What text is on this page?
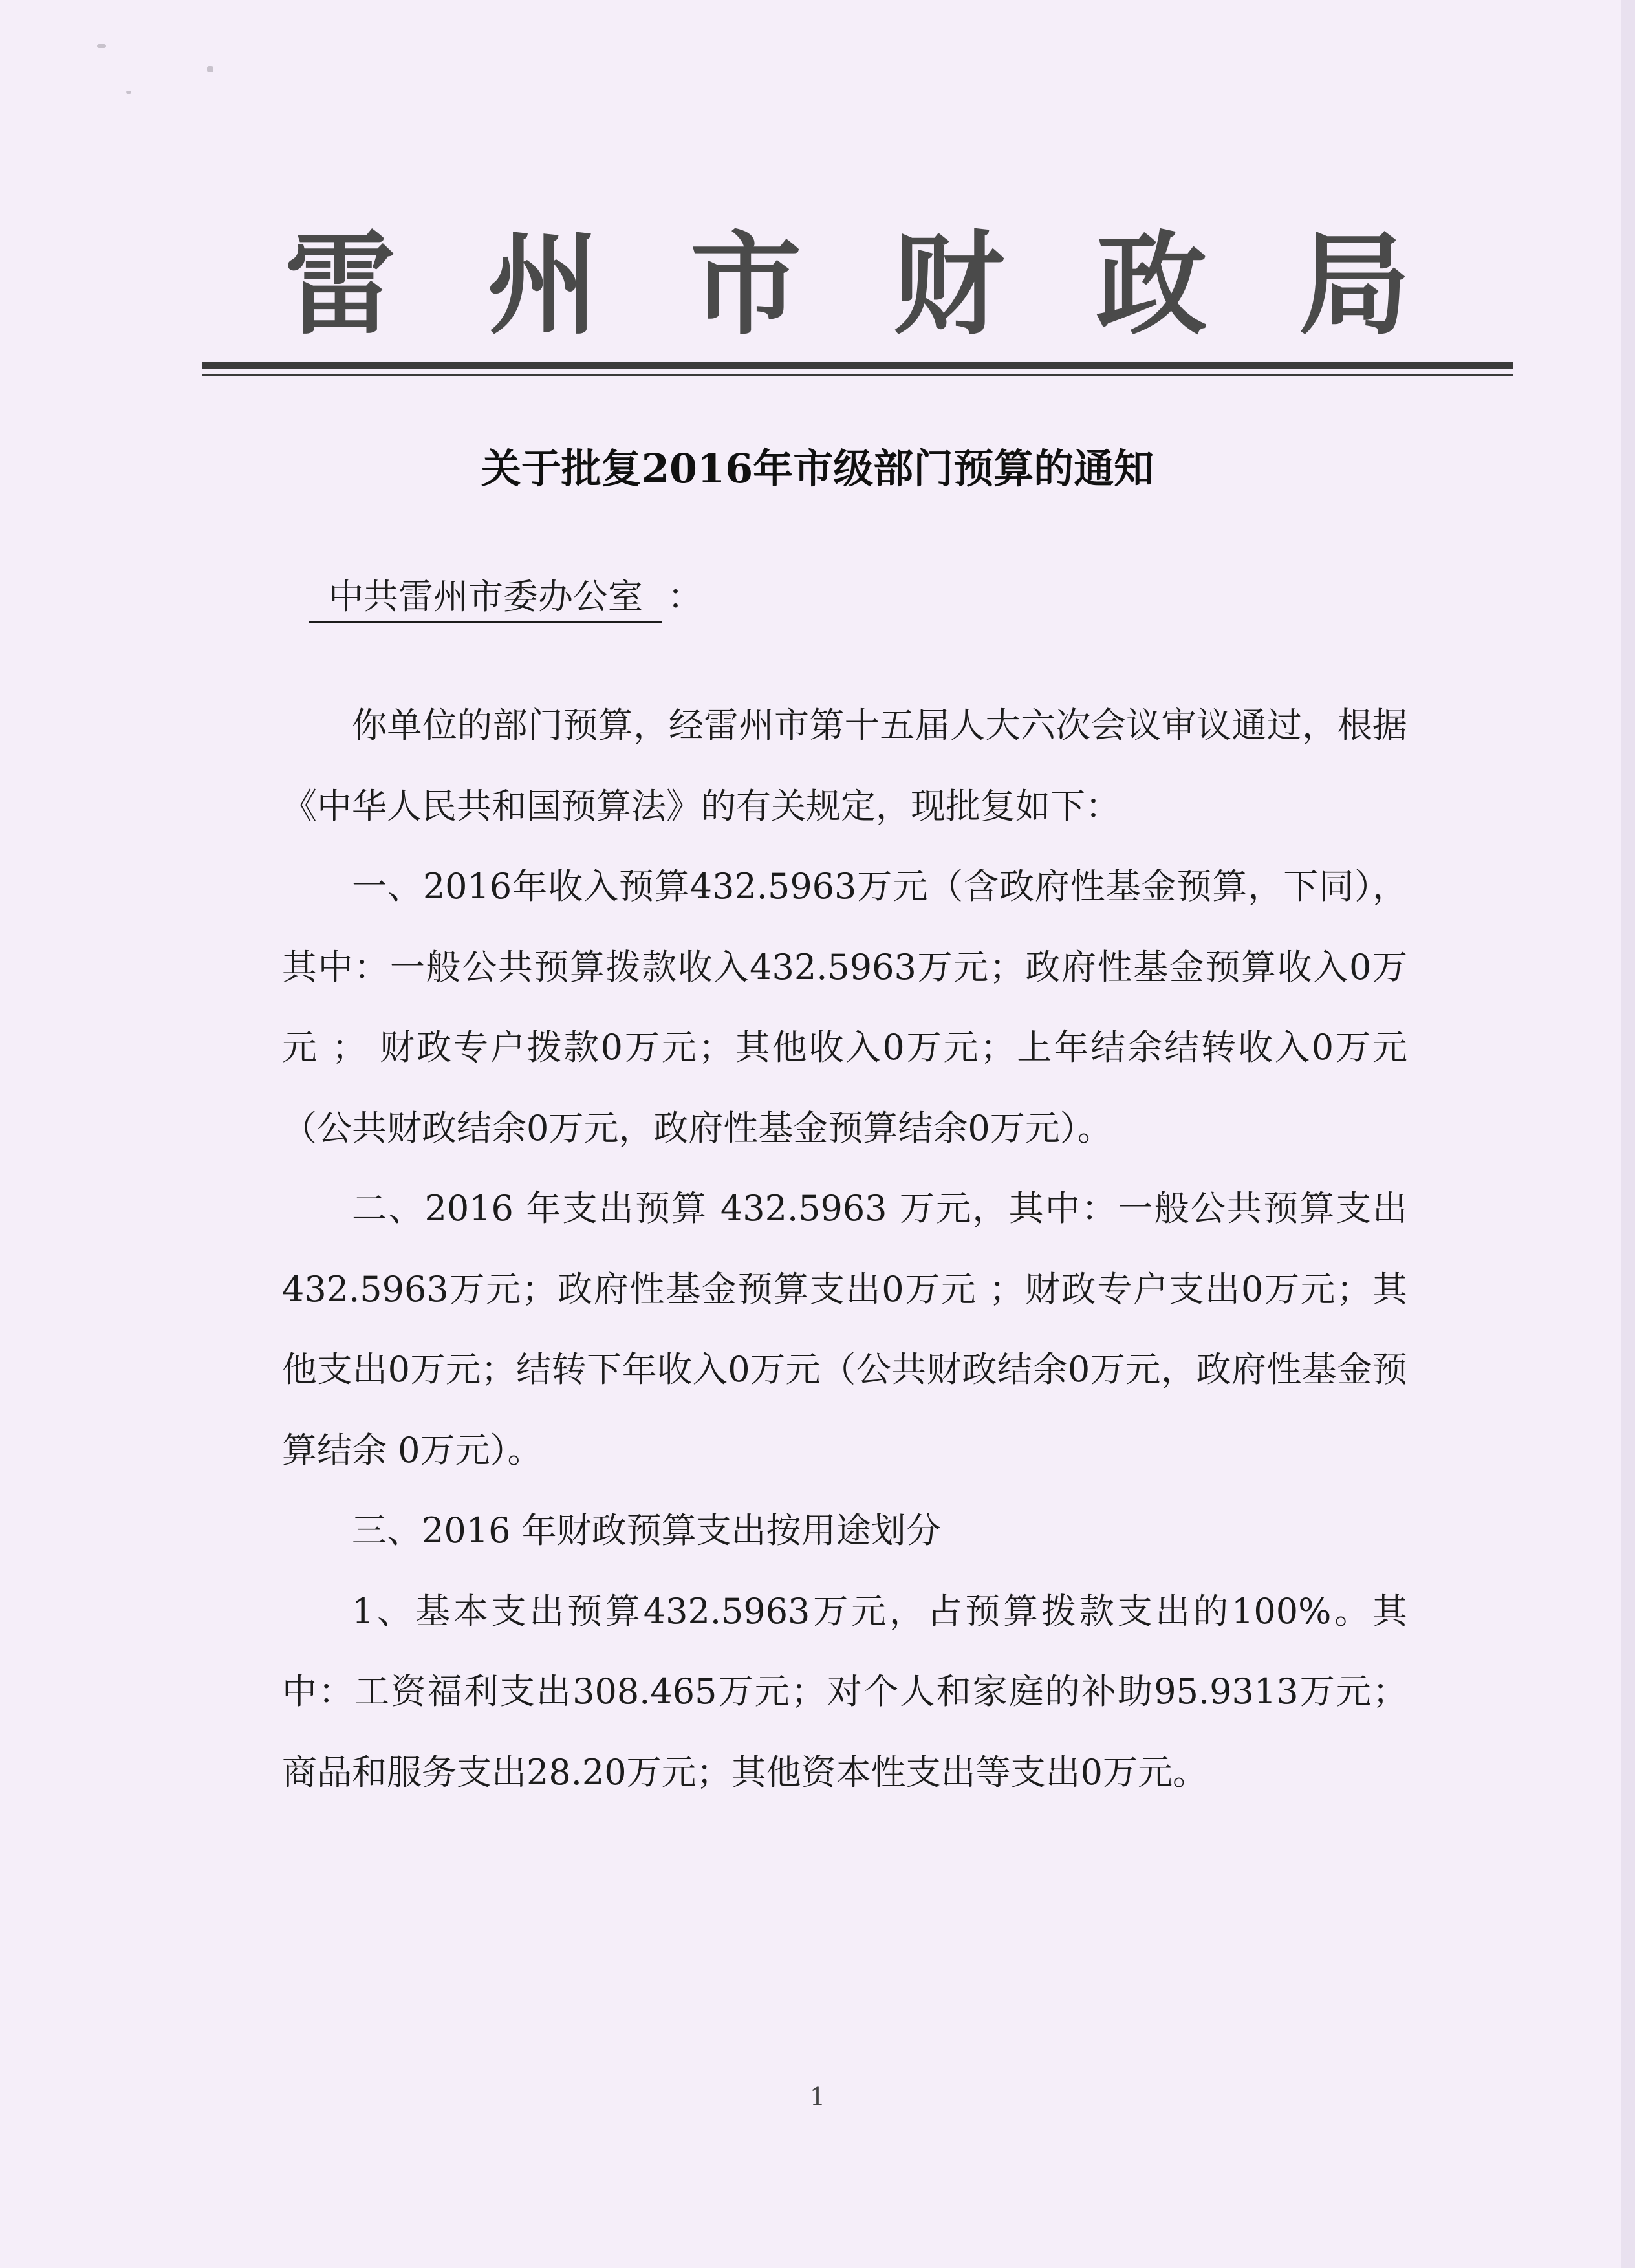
雷 州 市 财 政 局
关于批复2016年市级部门预算的通知
中共雷州市委办公室 ：

你单位的部门预算，经雷州市第十五届人大六次会议审议通过，根据《中华人民共和国预算法》的有关规定，现批复如下：

一、2016年收入预算432.5963万元（含政府性基金预算，下同），其中：一般公共预算拨款收入432.5963万元；政府性基金预算收入0万元 ； 财政专户拨款0万元；其他收入0万元；上年结余结转收入0万元（公共财政结余0万元，政府性基金预算结余0万元）。

二、2016 年支出预算 432.5963 万元，其中：一般公共预算支出432.5963万元；政府性基金预算支出0万元 ；财政专户支出0万元；其他支出0万元；结转下年收入0万元（公共财政结余0万元，政府性基金预算结余 0万元）。

三、2016 年财政预算支出按用途划分

1、基本支出预算432.5963万元，占预算拨款支出的100%。其中：工资福利支出308.465万元；对个人和家庭的补助95.9313万元；商品和服务支出28.20万元；其他资本性支出等支出0万元。

1
